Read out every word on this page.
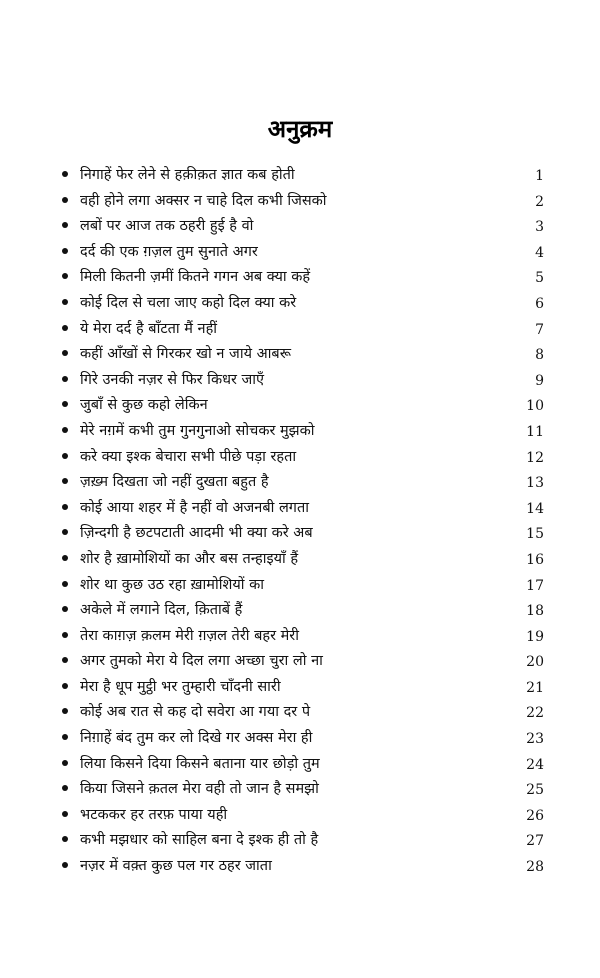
अनुक्रम
निगाहें फेर लेने से हक़ीक़त ज्ञात कब होती	1
वही होने लगा अक्सर न चाहे दिल कभी जिसको	2
लबों पर आज तक ठहरी हुई है वो	3
दर्द की एक ग़ज़ल तुम सुनाते अगर	4
मिली कितनी ज़मीं कितने गगन अब क्या कहें	5
कोई दिल से चला जाए कहो दिल क्या करे	6
ये मेरा दर्द है बाँटता मैं नहीं	7
कहीं आँखों से गिरकर खो न जाये आबरू	8
गिरे उनकी नज़र से फिर किधर जाएँ	9
जुबाँ से कुछ कहो लेकिन	10
मेरे नग़में कभी तुम गुनगुनाओ सोचकर मुझको	11
करे क्या इश्क बेचारा सभी पीछे पड़ा रहता	12
ज़ख़्म दिखता जो नहीं दुखता बहुत है	13
कोई आया शहर में है नहीं वो अजनबी लगता	14
ज़िन्दगी है छटपटाती आदमी भी क्या करे अब	15
शोर है ख़ामोशियों का और बस तन्हाइयाँ हैं	16
शोर था कुछ उठ रहा ख़ामोशियों का	17
अकेले में लगाने दिल, क़िताबें हैं	18
तेरा काग़ज़ क़लम मेरी ग़ज़ल तेरी बहर मेरी	19
अगर तुमको मेरा ये दिल लगा अच्छा चुरा लो ना	20
मेरा है धूप मुट्ठी भर तुम्हारी चाँदनी सारी	21
कोई अब रात से कह दो सवेरा आ गया दर पे	22
निग़ाहें बंद तुम कर लो दिखे गर अक्स मेरा ही	23
लिया किसने दिया किसने बताना यार छोड़ो तुम	24
किया जिसने क़तल मेरा वही तो जान है समझो	25
भटककर हर तरफ़ पाया यही	26
कभी मझधार को साहिल बना दे इश्क ही तो है	27
नज़र में वक़्त कुछ पल गर ठहर जाता	28
